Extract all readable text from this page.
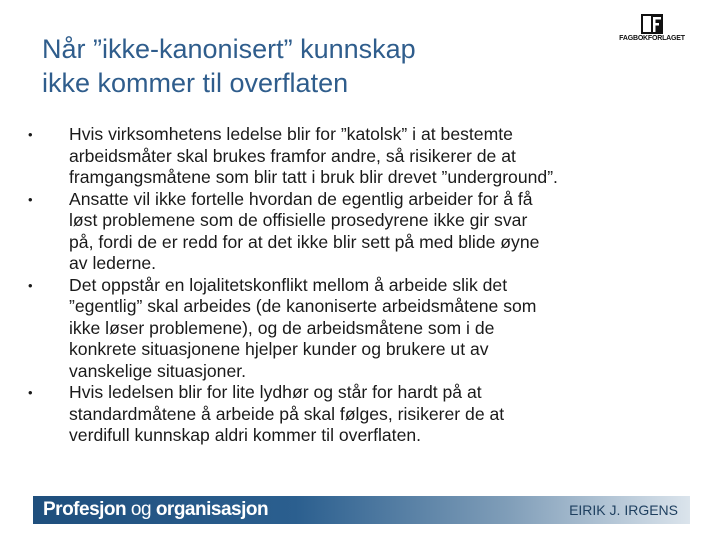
Når ”ikke-kanonisert” kunnskap
ikke kommer til overflaten
FAGBOKFORLAGET
• Hvis virksomhetens ledelse blir for ”katolsk” i at bestemte
arbeidsmåter skal brukes framfor andre, så risikerer de at
framgangsmåtene som blir tatt i bruk blir drevet ”underground”.
• Ansatte vil ikke fortelle hvordan de egentlig arbeider for å få
løst problemene som de offisielle prosedyrene ikke gir svar
på, fordi de er redd for at det ikke blir sett på med blide øyne
av lederne.
• Det oppstår en lojalitetskonflikt mellom å arbeide slik det
”egentlig” skal arbeides (de kanoniserte arbeidsmåtene som
ikke løser problemene), og de arbeidsmåtene som i de
konkrete situasjonene hjelper kunder og brukere ut av
vanskelige situasjoner.
• Hvis ledelsen blir for lite lydhør og står for hardt på at
standardmåtene å arbeide på skal følges, risikerer de at
verdifull kunnskap aldri kommer til overflaten.
Profesjon og organisasjon	EIRIK J. IRGENS
